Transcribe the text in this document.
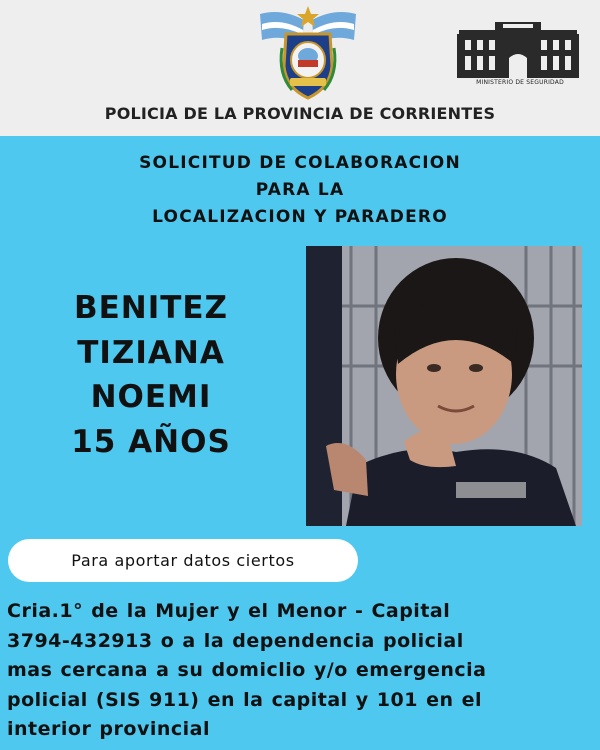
MINISTERIO DE SEGURIDAD
POLICIA DE LA PROVINCIA DE CORRIENTES
SOLICITUD DE COLABORACION
PARA LA
LOCALIZACION Y PARADERO
BENITEZ
TIZIANA
NOEMI
15 AÑOS
Para aportar datos ciertos
Cria.1° de la Mujer y el Menor - Capital
3794-432913 o a la dependencia policial
mas cercana a su domiclio y/o emergencia
policial (SIS 911) en la capital y 101 en el
interior provincial
